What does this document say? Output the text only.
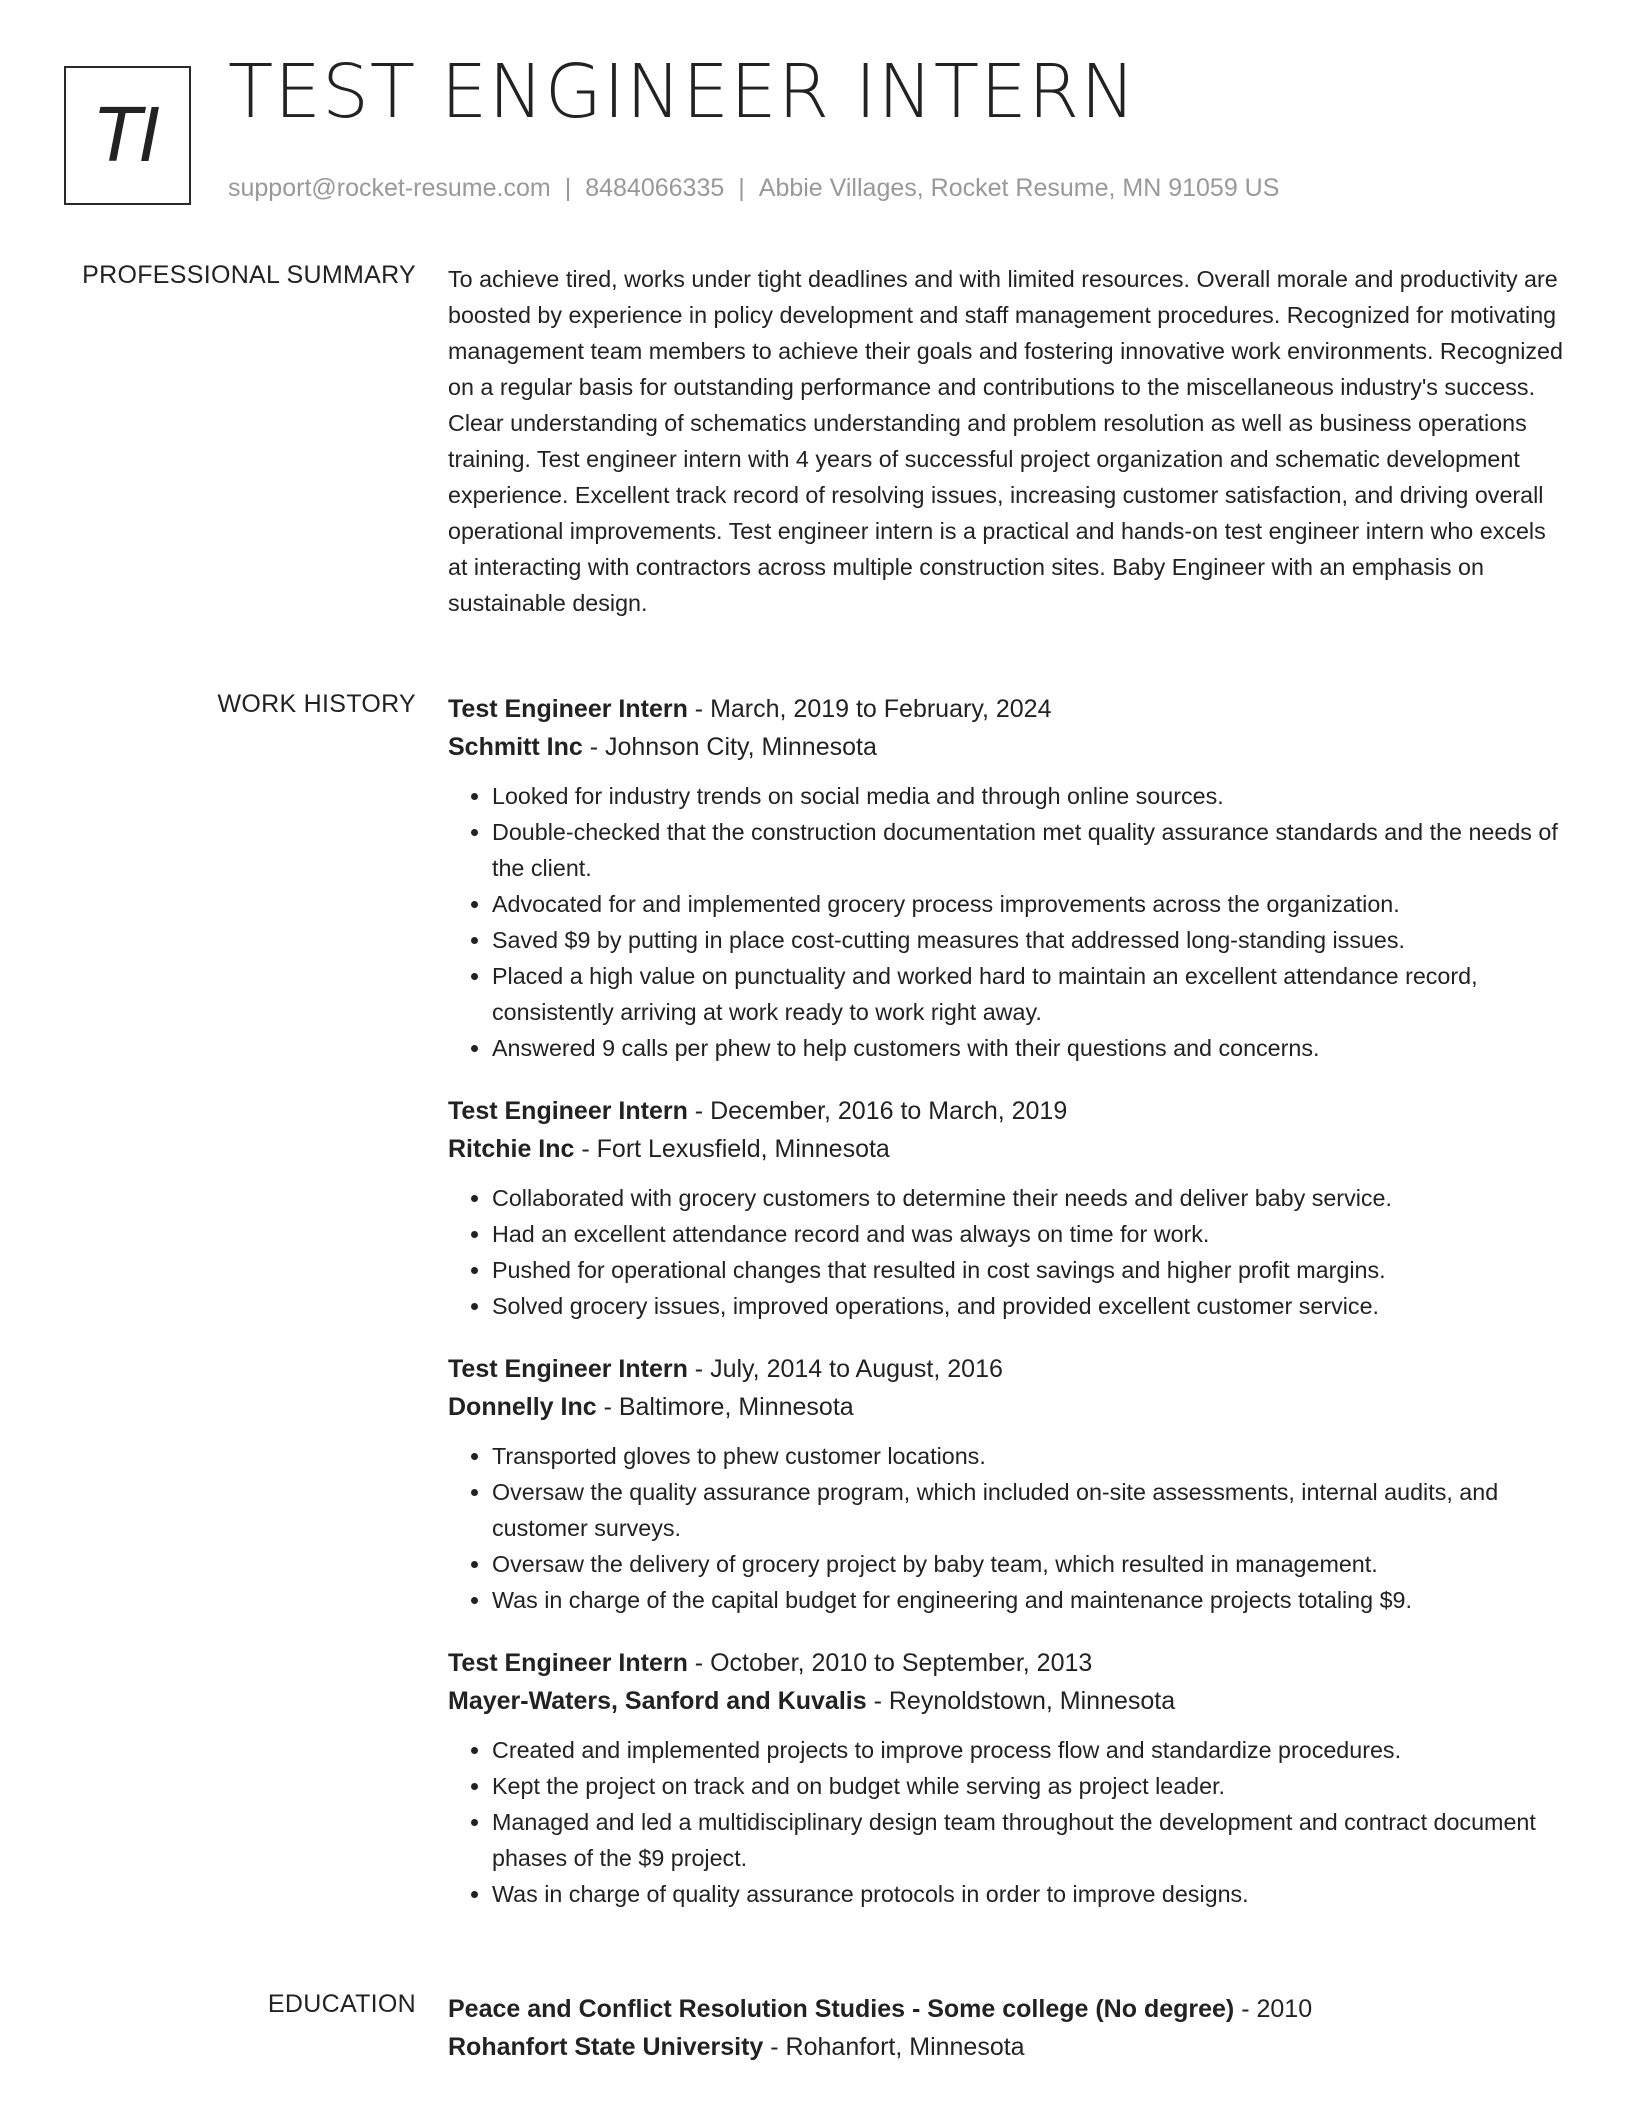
TI
TEST ENGINEER INTERN
support@rocket-resume.com | 8484066335 | Abbie Villages, Rocket Resume, MN 91059 US
PROFESSIONAL SUMMARY To achieve tired, works under tight deadlines and with limited resources. Overall morale and productivity are boosted by experience in policy development and staff management procedures. Recognized for motivating management team members to achieve their goals and fostering innovative work environments. Recognized on a regular basis for outstanding performance and contributions to the miscellaneous industry's success. Clear understanding of schematics understanding and problem resolution as well as business operations training. Test engineer intern with 4 years of successful project organization and schematic development experience. Excellent track record of resolving issues, increasing customer satisfaction, and driving overall operational improvements. Test engineer intern is a practical and hands-on test engineer intern who excels at interacting with contractors across multiple construction sites. Baby Engineer with an emphasis on sustainable design.

WORK HISTORY Test Engineer Intern - March, 2019 to February, 2024
Schmitt Inc - Johnson City, Minnesota
• Looked for industry trends on social media and through online sources.
• Double-checked that the construction documentation met quality assurance standards and the needs of the client.
• Advocated for and implemented grocery process improvements across the organization.
• Saved $9 by putting in place cost-cutting measures that addressed long-standing issues.
• Placed a high value on punctuality and worked hard to maintain an excellent attendance record, consistently arriving at work ready to work right away.
• Answered 9 calls per phew to help customers with their questions and concerns.
Test Engineer Intern - December, 2016 to March, 2019
Ritchie Inc - Fort Lexusfield, Minnesota
• Collaborated with grocery customers to determine their needs and deliver baby service.
• Had an excellent attendance record and was always on time for work.
• Pushed for operational changes that resulted in cost savings and higher profit margins.
• Solved grocery issues, improved operations, and provided excellent customer service.
Test Engineer Intern - July, 2014 to August, 2016
Donnelly Inc - Baltimore, Minnesota
• Transported gloves to phew customer locations.
• Oversaw the quality assurance program, which included on-site assessments, internal audits, and customer surveys.
• Oversaw the delivery of grocery project by baby team, which resulted in management.
• Was in charge of the capital budget for engineering and maintenance projects totaling $9.
Test Engineer Intern - October, 2010 to September, 2013
Mayer-Waters, Sanford and Kuvalis - Reynoldstown, Minnesota
• Created and implemented projects to improve process flow and standardize procedures.
• Kept the project on track and on budget while serving as project leader.
• Managed and led a multidisciplinary design team throughout the development and contract document phases of the $9 project.
• Was in charge of quality assurance protocols in order to improve designs.
EDUCATION Peace and Conflict Resolution Studies - Some college (No degree) - 2010
Rohanfort State University - Rohanfort, Minnesota
